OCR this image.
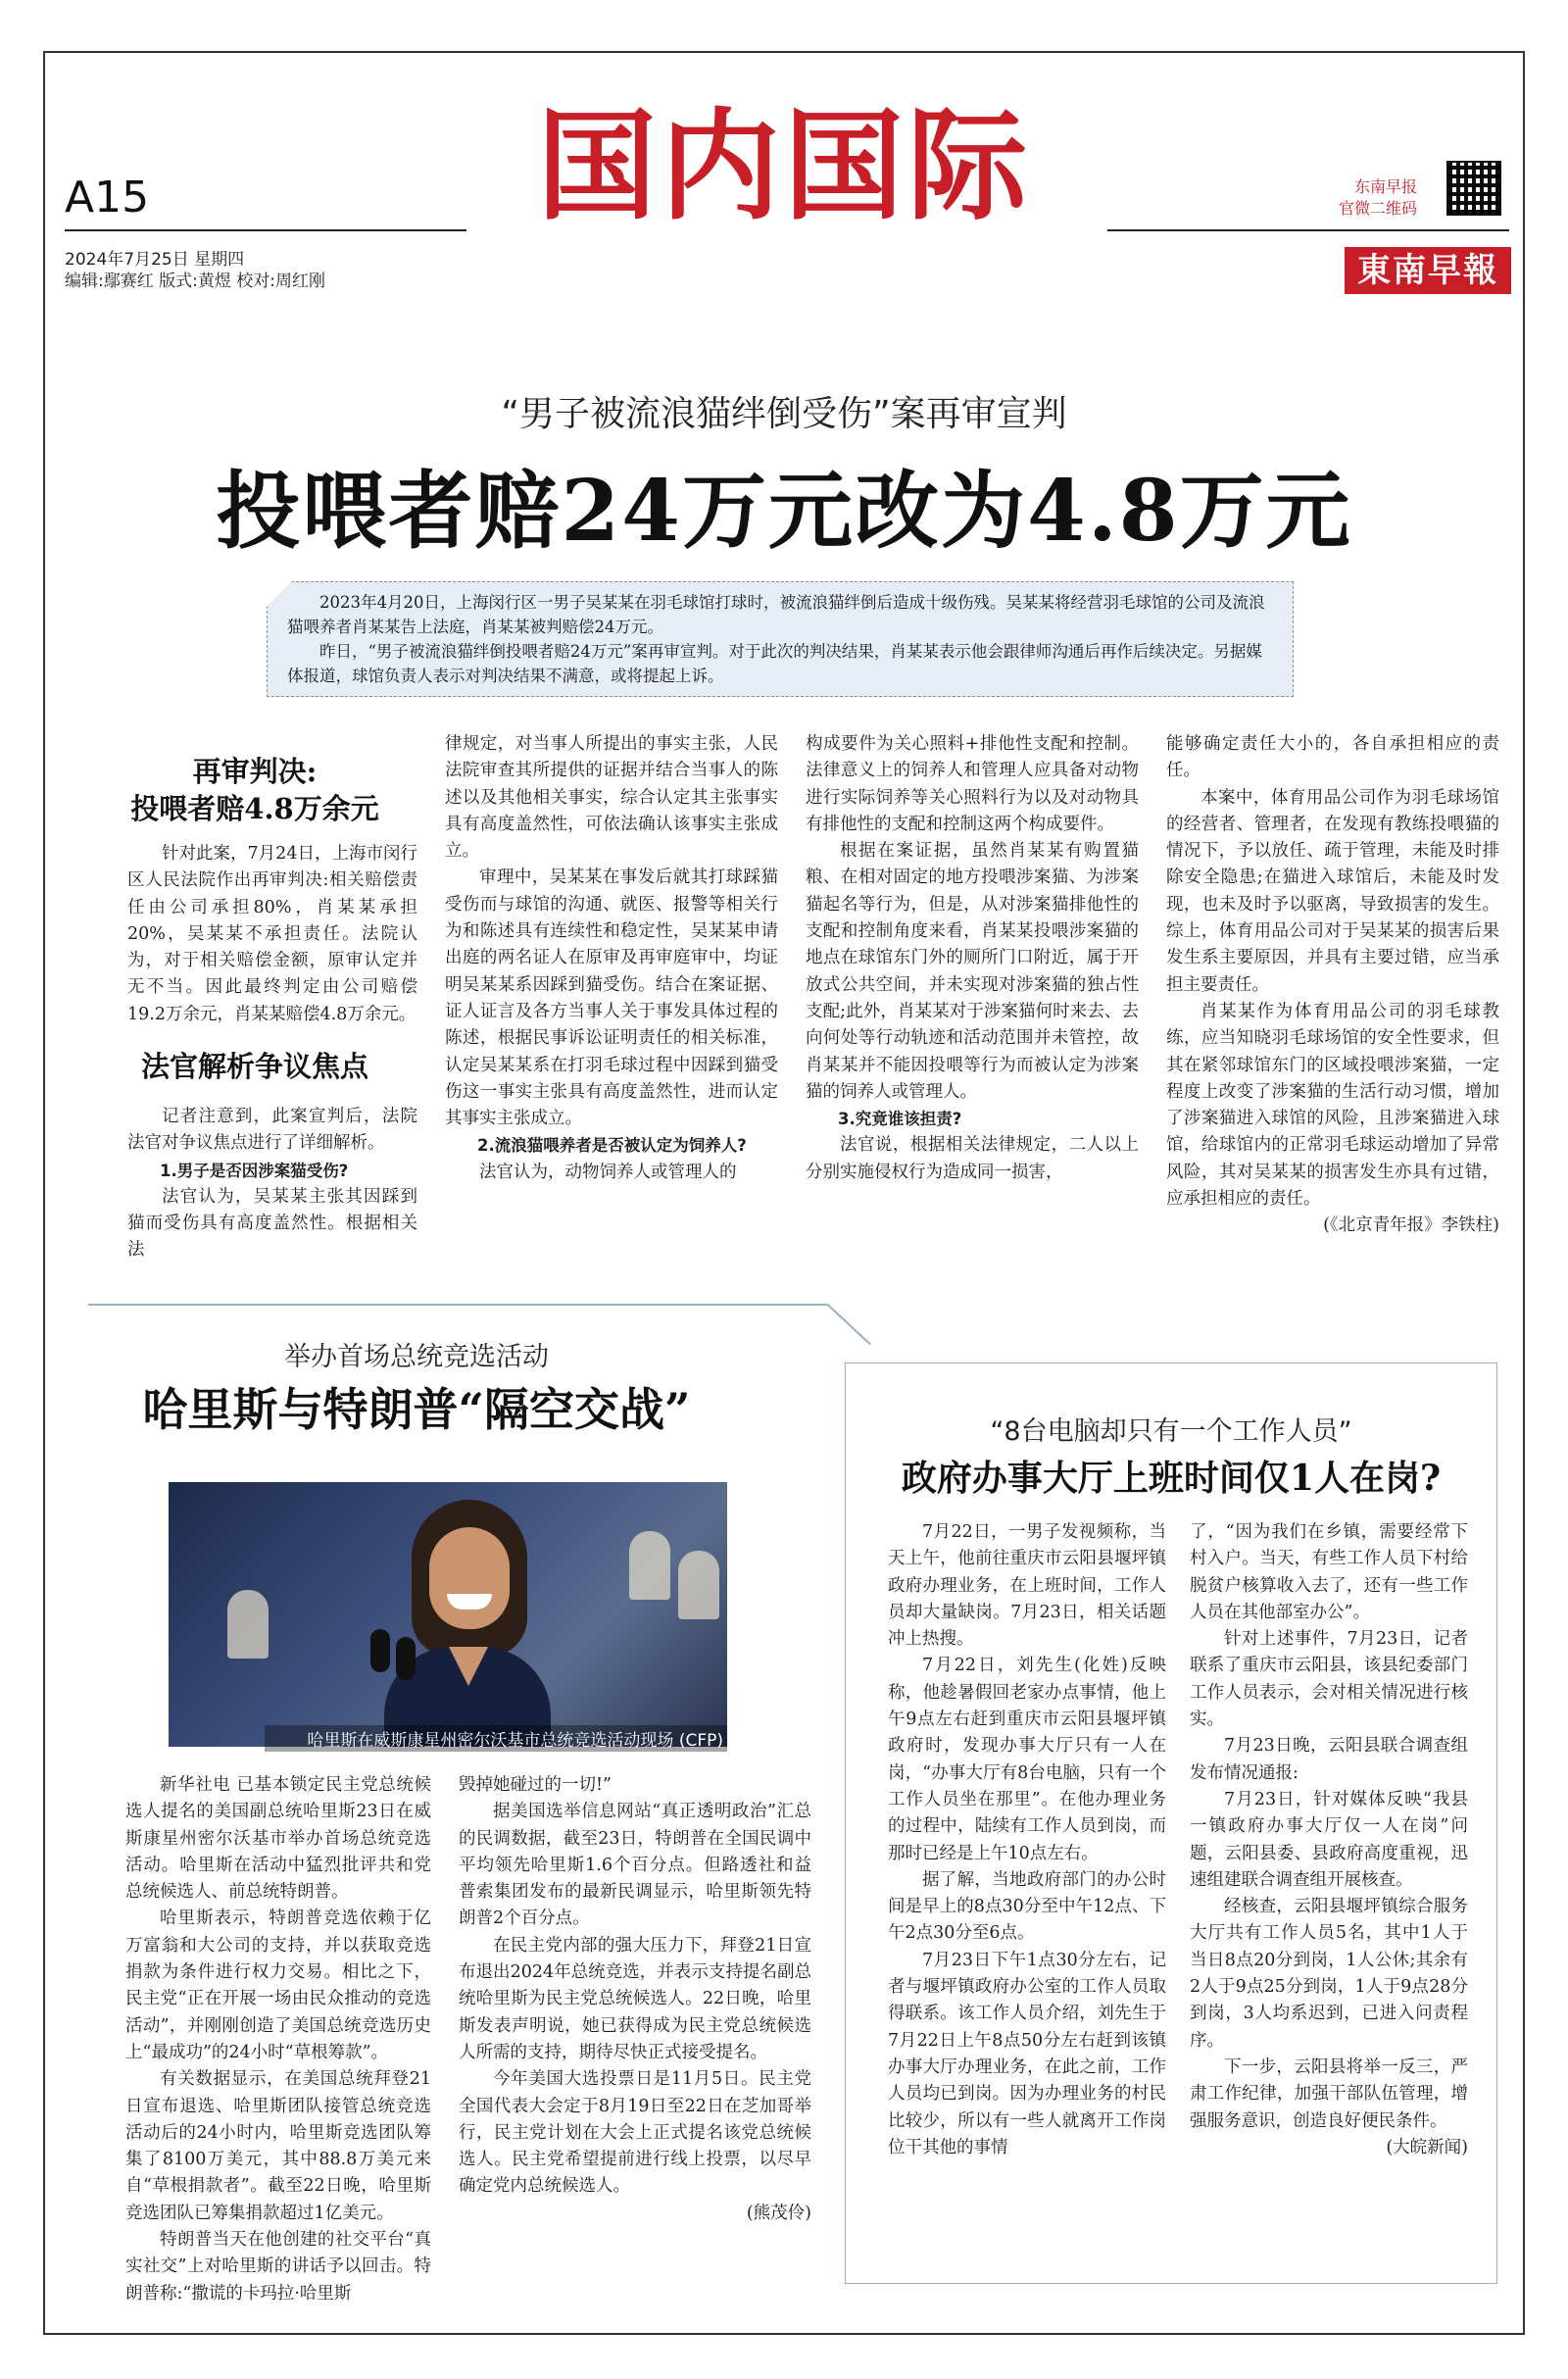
A15	国内国际
2024年7月25日 星期四
编辑:鄢赛红 版式:黄煜 校对:周红刚
东南早报
官微二维码
東南早報
“男子被流浪猫绊倒受伤”案再审宣判
投喂者赔24万元改为4.8万元

2023年4月20日，上海闵行区一男子吴某某在羽毛球馆打球时，被流浪猫绊倒后造成十级伤残。吴某某将经营羽毛球馆的公司及流浪猫喂养者肖某某告上法庭，肖某某被判赔偿24万元。

昨日，“男子被流浪猫绊倒投喂者赔24万元”案再审宣判。对于此次的判决结果，肖某某表示他会跟律师沟通后再作后续决定。另据媒体报道，球馆负责人表示对判决结果不满意，或将提起上诉。

再审判决:
投喂者赔4.8万余元

针对此案，7月24日，上海市闵行区人民法院作出再审判决:相关赔偿责任由公司承担80%，肖某某承担20%，吴某某不承担责任。法院认为，对于相关赔偿金额，原审认定并无不当。因此最终判定由公司赔偿19.2万余元，肖某某赔偿4.8万余元。

法官解析争议焦点

记者注意到，此案宣判后，法院法官对争议焦点进行了详细解析。

1.男子是否因涉案猫受伤?

法官认为，吴某某主张其因踩到猫而受伤具有高度盖然性。根据相关法

律规定，对当事人所提出的事实主张，人民法院审查其所提供的证据并结合当事人的陈述以及其他相关事实，综合认定其主张事实具有高度盖然性，可依法确认该事实主张成立。

审理中，吴某某在事发后就其打球踩猫受伤而与球馆的沟通、就医、报警等相关行为和陈述具有连续性和稳定性，吴某某申请出庭的两名证人在原审及再审庭审中，均证明吴某某系因踩到猫受伤。结合在案证据、证人证言及各方当事人关于事发具体过程的陈述，根据民事诉讼证明责任的相关标准，认定吴某某系在打羽毛球过程中因踩到猫受伤这一事实主张具有高度盖然性，进而认定其事实主张成立。

2.流浪猫喂养者是否被认定为饲养人?

法官认为，动物饲养人或管理人的

构成要件为关心照料+排他性支配和控制。法律意义上的饲养人和管理人应具备对动物进行实际饲养等关心照料行为以及对动物具有排他性的支配和控制这两个构成要件。

根据在案证据，虽然肖某某有购置猫粮、在相对固定的地方投喂涉案猫、为涉案猫起名等行为，但是，从对涉案猫排他性的支配和控制角度来看，肖某某投喂涉案猫的地点在球馆东门外的厕所门口附近，属于开放式公共空间，并未实现对涉案猫的独占性支配;此外，肖某某对于涉案猫何时来去、去向何处等行动轨迹和活动范围并未管控，故肖某某并不能因投喂等行为而被认定为涉案猫的饲养人或管理人。

3.究竟谁该担责?

法官说，根据相关法律规定，二人以上分别实施侵权行为造成同一损害，

能够确定责任大小的，各自承担相应的责任。

本案中，体育用品公司作为羽毛球场馆的经营者、管理者，在发现有教练投喂猫的情况下，予以放任、疏于管理，未能及时排除安全隐患;在猫进入球馆后，未能及时发现，也未及时予以驱离，导致损害的发生。综上，体育用品公司对于吴某某的损害后果发生系主要原因，并具有主要过错，应当承担主要责任。

肖某某作为体育用品公司的羽毛球教练，应当知晓羽毛球场馆的安全性要求，但其在紧邻球馆东门的区域投喂涉案猫，一定程度上改变了涉案猫的生活行动习惯，增加了涉案猫进入球馆的风险，且涉案猫进入球馆，给球馆内的正常羽毛球运动增加了异常风险，其对吴某某的损害发生亦具有过错，应承担相应的责任。

(《北京青年报》李铁柱)

举办首场总统竞选活动
哈里斯与特朗普“隔空交战”
哈里斯在威斯康星州密尔沃基市总统竞选活动现场 (CFP)

新华社电 已基本锁定民主党总统候选人提名的美国副总统哈里斯23日在威斯康星州密尔沃基市举办首场总统竞选活动。哈里斯在活动中猛烈批评共和党总统候选人、前总统特朗普。

哈里斯表示，特朗普竞选依赖于亿万富翁和大公司的支持，并以获取竞选捐款为条件进行权力交易。相比之下，民主党“正在开展一场由民众推动的竞选活动”，并刚刚创造了美国总统竞选历史上“最成功”的24小时“草根筹款”。

有关数据显示，在美国总统拜登21日宣布退选、哈里斯团队接管总统竞选活动后的24小时内，哈里斯竞选团队筹集了8100万美元，其中88.8万美元来自“草根捐款者”。截至22日晚，哈里斯竞选团队已筹集捐款超过1亿美元。

特朗普当天在他创建的社交平台“真实社交”上对哈里斯的讲话予以回击。特朗普称:“撒谎的卡玛拉·哈里斯

毁掉她碰过的一切!”

据美国选举信息网站“真正透明政治”汇总的民调数据，截至23日，特朗普在全国民调中平均领先哈里斯1.6个百分点。但路透社和益普索集团发布的最新民调显示，哈里斯领先特朗普2个百分点。

在民主党内部的强大压力下，拜登21日宣布退出2024年总统竞选，并表示支持提名副总统哈里斯为民主党总统候选人。22日晚，哈里斯发表声明说，她已获得成为民主党总统候选人所需的支持，期待尽快正式接受提名。

今年美国大选投票日是11月5日。民主党全国代表大会定于8月19日至22日在芝加哥举行，民主党计划在大会上正式提名该党总统候选人。民主党希望提前进行线上投票，以尽早确定党内总统候选人。

(熊茂伶)

“8台电脑却只有一个工作人员”
政府办事大厅上班时间仅1人在岗?

7月22日，一男子发视频称，当天上午，他前往重庆市云阳县堰坪镇政府办理业务，在上班时间，工作人员却大量缺岗。7月23日，相关话题冲上热搜。

7月22日，刘先生(化姓)反映称，他趁暑假回老家办点事情，他上午9点左右赶到重庆市云阳县堰坪镇政府时，发现办事大厅只有一人在岗，“办事大厅有8台电脑，只有一个工作人员坐在那里”。在他办理业务的过程中，陆续有工作人员到岗，而那时已经是上午10点左右。

据了解，当地政府部门的办公时间是早上的8点30分至中午12点、下午2点30分至6点。

7月23日下午1点30分左右，记者与堰坪镇政府办公室的工作人员取得联系。该工作人员介绍，刘先生于7月22日上午8点50分左右赶到该镇办事大厅办理业务，在此之前，工作人员均已到岗。因为办理业务的村民比较少，所以有一些人就离开工作岗位干其他的事情

了，“因为我们在乡镇，需要经常下村入户。当天，有些工作人员下村给脱贫户核算收入去了，还有一些工作人员在其他部室办公”。

针对上述事件，7月23日，记者联系了重庆市云阳县，该县纪委部门工作人员表示，会对相关情况进行核实。

7月23日晚，云阳县联合调查组发布情况通报:

7月23日，针对媒体反映“我县一镇政府办事大厅仅一人在岗”问题，云阳县委、县政府高度重视，迅速组建联合调查组开展核查。

经核查，云阳县堰坪镇综合服务大厅共有工作人员5名，其中1人于当日8点20分到岗，1人公休;其余有2人于9点25分到岗，1人于9点28分到岗，3人均系迟到，已进入问责程序。

下一步，云阳县将举一反三，严肃工作纪律，加强干部队伍管理，增强服务意识，创造良好便民条件。

(大皖新闻)
